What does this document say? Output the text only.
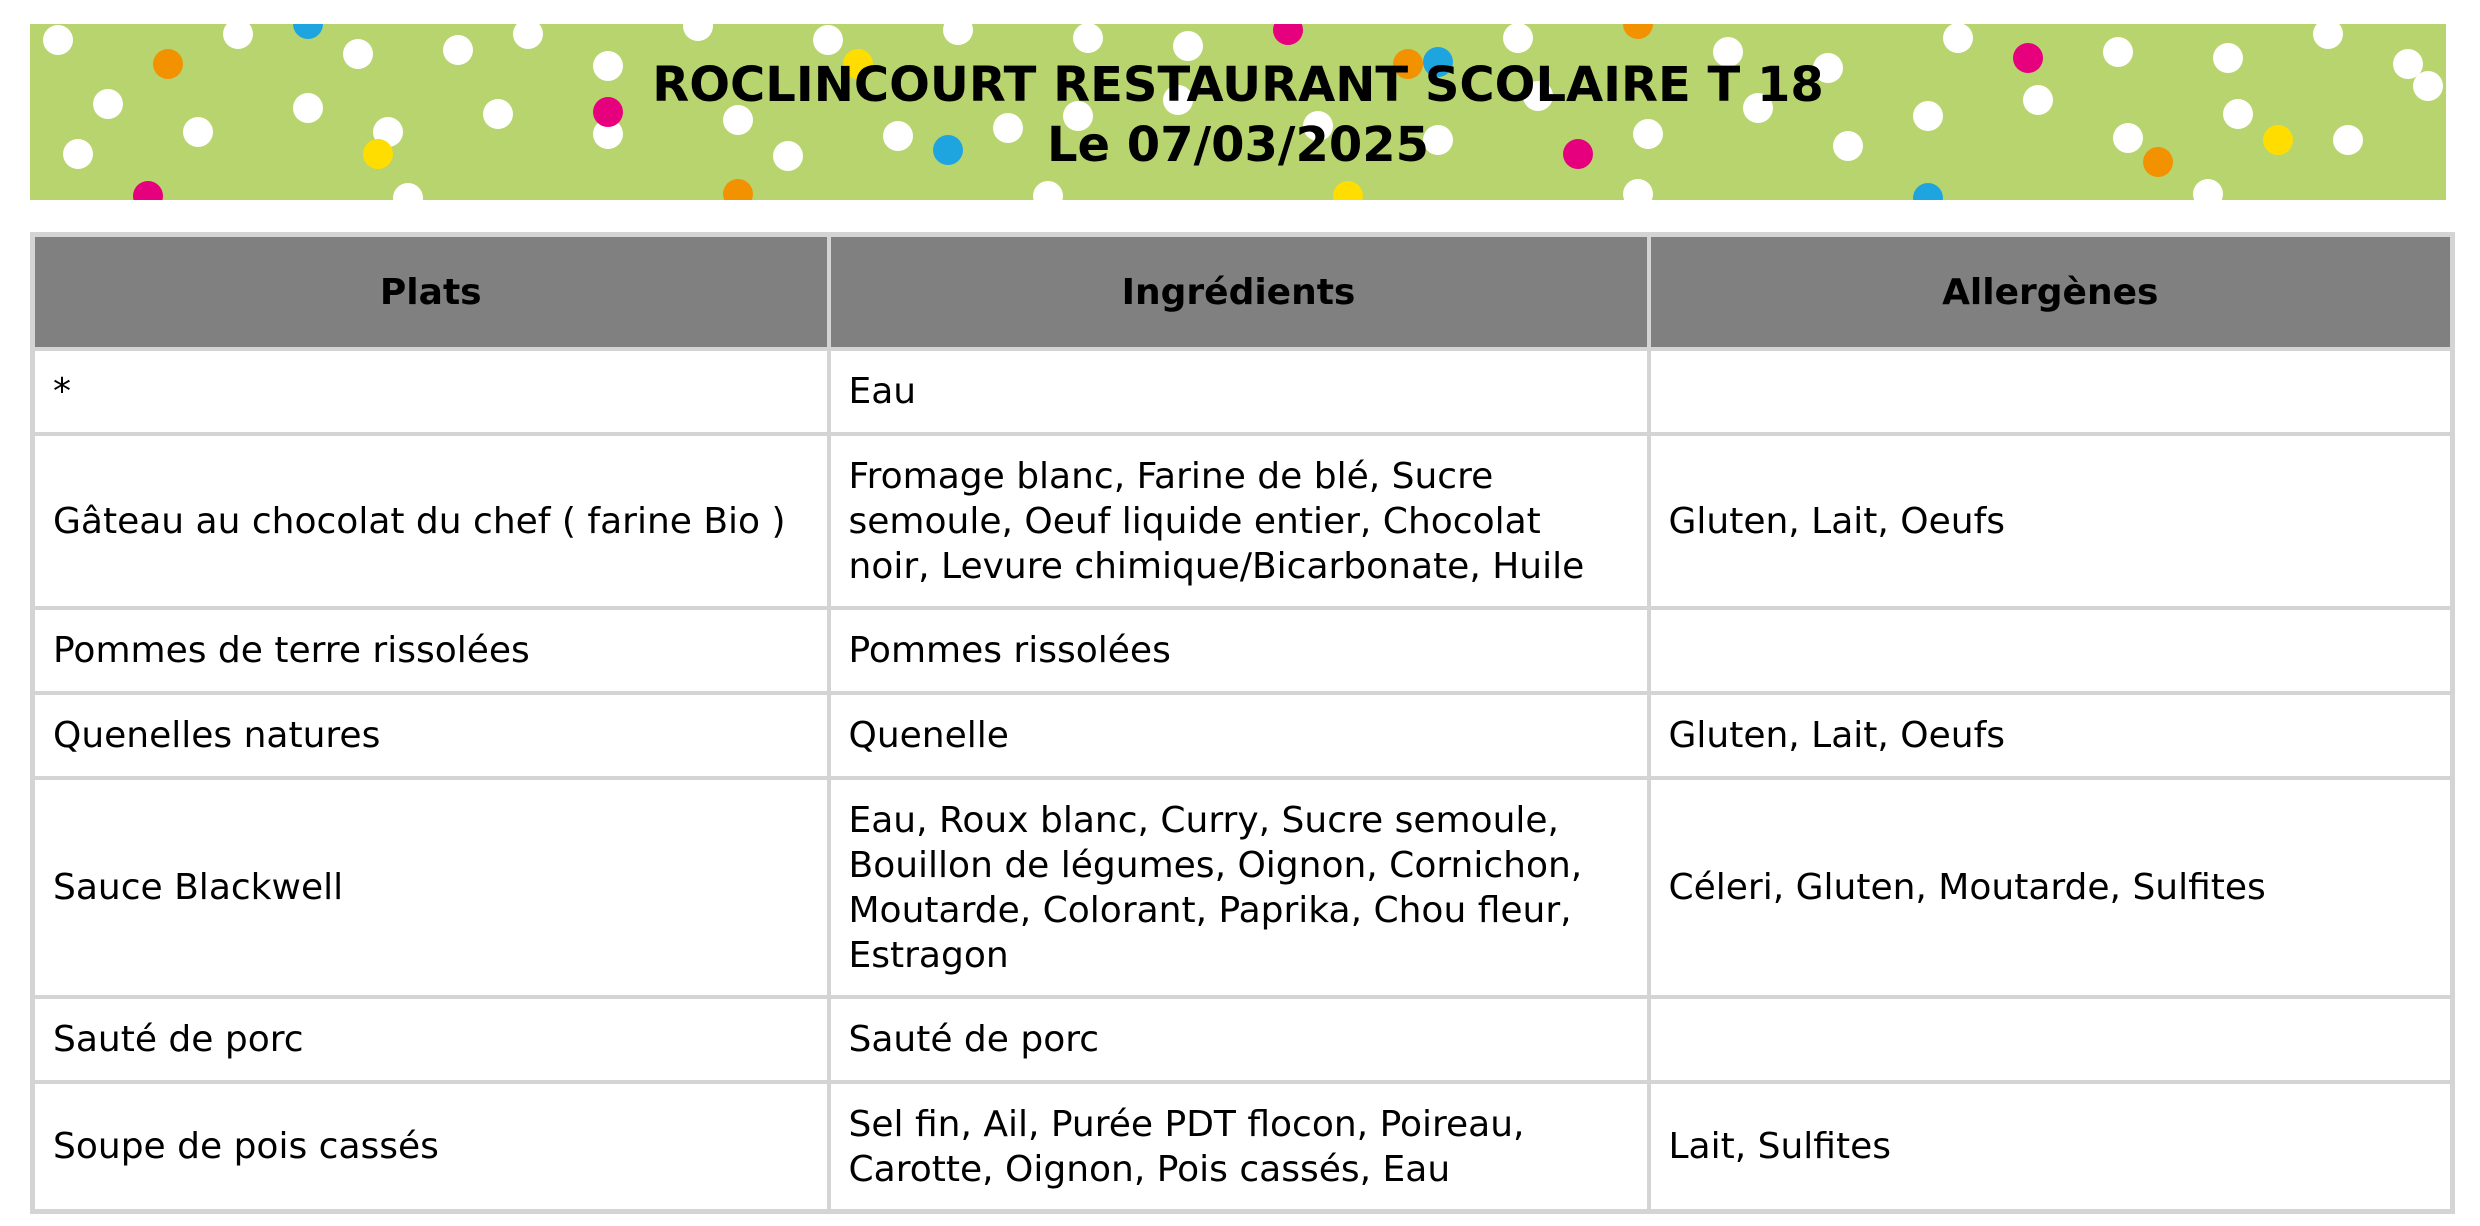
ROCLINCOURT RESTAURANT SCOLAIRE T 18
Le 07/03/2025
Plats	Ingrédients	Allergènes
*	Eau	
Gâteau au chocolat du chef ( farine Bio )	Fromage blanc, Farine de blé, Sucre semoule, Oeuf liquide entier, Chocolat noir, Levure chimique/Bicarbonate, Huile	Gluten, Lait, Oeufs
Pommes de terre rissolées	Pommes rissolées	
Quenelles natures	Quenelle	Gluten, Lait, Oeufs
Sauce Blackwell	Eau, Roux blanc, Curry, Sucre semoule, Bouillon de légumes, Oignon, Cornichon, Moutarde, Colorant, Paprika, Chou fleur, Estragon	Céleri, Gluten, Moutarde, Sulfites
Sauté de porc	Sauté de porc	
Soupe de pois cassés	Sel fin, Ail, Purée PDT flocon, Poireau, Carotte, Oignon, Pois cassés, Eau	Lait, Sulfites
